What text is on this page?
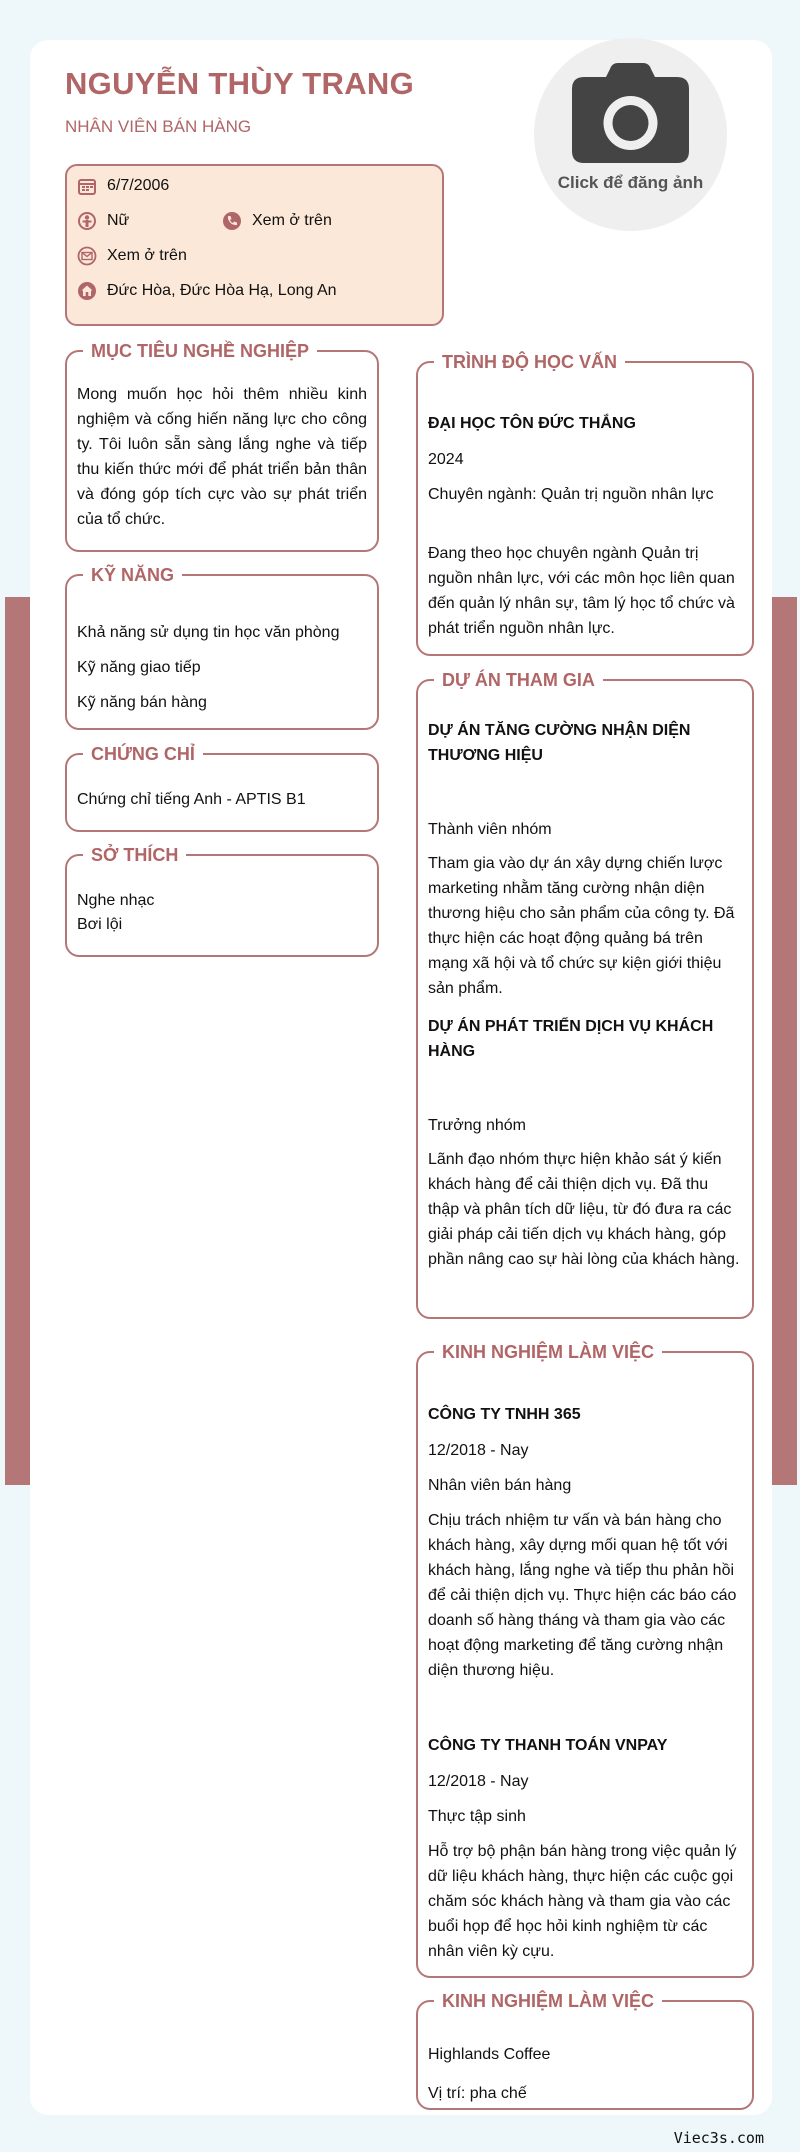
NGUYỄN THÙY TRANG
NHÂN VIÊN BÁN HÀNG
Click để đăng ảnh
6/7/2006
Nữ	Xem ở trên
Xem ở trên
Đức Hòa, Đức Hòa Hạ, Long An
MỤC TIÊU NGHỀ NGHIỆP
Mong muốn học hỏi thêm nhiều kinh nghiệm và cống hiến năng lực cho công ty. Tôi luôn sẵn sàng lắng nghe và tiếp thu kiến thức mới để phát triển bản thân và đóng góp tích cực vào sự phát triển của tổ chức.
KỸ NĂNG
Khả năng sử dụng tin học văn phòng
Kỹ năng giao tiếp
Kỹ năng bán hàng
CHỨNG CHỈ
Chứng chỉ tiếng Anh - APTIS B1
SỞ THÍCH
Nghe nhạc
Bơi lội
TRÌNH ĐỘ HỌC VẤN
ĐẠI HỌC TÔN ĐỨC THẮNG
2024
Chuyên ngành: Quản trị nguồn nhân lực
Đang theo học chuyên ngành Quản trị nguồn nhân lực, với các môn học liên quan đến quản lý nhân sự, tâm lý học tổ chức và phát triển nguồn nhân lực.
DỰ ÁN THAM GIA
DỰ ÁN TĂNG CƯỜNG NHẬN DIỆN THƯƠNG HIỆU
Thành viên nhóm
Tham gia vào dự án xây dựng chiến lược marketing nhằm tăng cường nhận diện thương hiệu cho sản phẩm của công ty. Đã thực hiện các hoạt động quảng bá trên mạng xã hội và tổ chức sự kiện giới thiệu sản phẩm.
DỰ ÁN PHÁT TRIỂN DỊCH VỤ KHÁCH HÀNG
Trưởng nhóm
Lãnh đạo nhóm thực hiện khảo sát ý kiến khách hàng để cải thiện dịch vụ. Đã thu thập và phân tích dữ liệu, từ đó đưa ra các giải pháp cải tiến dịch vụ khách hàng, góp phần nâng cao sự hài lòng của khách hàng.
KINH NGHIỆM LÀM VIỆC
CÔNG TY TNHH 365
12/2018 - Nay
Nhân viên bán hàng
Chịu trách nhiệm tư vấn và bán hàng cho khách hàng, xây dựng mối quan hệ tốt với khách hàng, lắng nghe và tiếp thu phản hồi để cải thiện dịch vụ. Thực hiện các báo cáo doanh số hàng tháng và tham gia vào các hoạt động marketing để tăng cường nhận diện thương hiệu.
CÔNG TY THANH TOÁN VNPAY
12/2018 - Nay
Thực tập sinh
Hỗ trợ bộ phận bán hàng trong việc quản lý dữ liệu khách hàng, thực hiện các cuộc gọi chăm sóc khách hàng và tham gia vào các buổi họp để học hỏi kinh nghiệm từ các nhân viên kỳ cựu.
KINH NGHIỆM LÀM VIỆC
Highlands Coffee
Vị trí: pha chế
Viec3s.com
